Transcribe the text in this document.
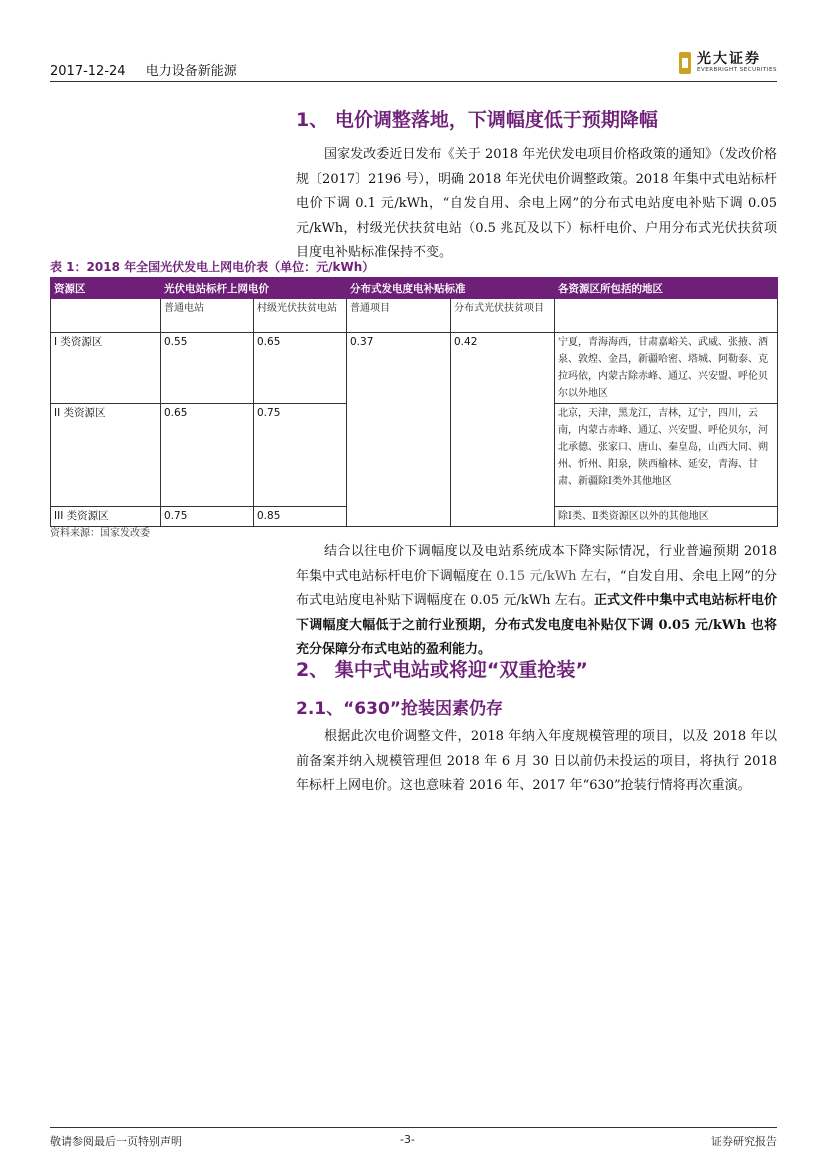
2017-12-24 电力设备新能源
光大证券
EVERBRIGHT SECURITIES
1、 电价调整落地，下调幅度低于预期降幅
国家发改委近日发布《关于 2018 年光伏发电项目价格政策的通知》（发改价格规〔2017〕2196 号），明确 2018 年光伏电价调整政策。2018 年集中式电站标杆电价下调 0.1 元/kWh，“自发自用、余电上网”的分布式电站度电补贴下调 0.05 元/kWh，村级光伏扶贫电站（0.5 兆瓦及以下）标杆电价、户用分布式光伏扶贫项目度电补贴标准保持不变。
表 1：2018 年全国光伏发电上网电价表（单位：元/kWh）
资源区	光伏电站标杆上网电价		分布式发电度电补贴标准		各资源区所包括的地区
	普通电站	村级光伏扶贫电站	普通项目	分布式光伏扶贫项目	
I 类资源区	0.55	0.65	0.37	0.42	宁夏，青海海西，甘肃嘉峪关、武威、张掖、酒泉、敦煌、金昌，新疆哈密、塔城、阿勒泰、克拉玛依，内蒙古除赤峰、通辽、兴安盟、呼伦贝尔以外地区
II 类资源区	0.65	0.75			北京，天津，黑龙江，吉林，辽宁，四川，云南，内蒙古赤峰、通辽、兴安盟、呼伦贝尔，河北承德、张家口、唐山、秦皇岛，山西大同、朔州、忻州、阳泉，陕西榆林、延安，青海、甘肃、新疆除Ⅰ类外其他地区
III 类资源区	0.75	0.85			除Ⅰ类、Ⅱ类资源区以外的其他地区
资料来源：国家发改委
结合以往电价下调幅度以及电站系统成本下降实际情况，行业普遍预期 2018 年集中式电站标杆电价下调幅度在 0.15 元/kWh 左右，“自发自用、余电上网”的分布式电站度电补贴下调幅度在 0.05 元/kWh 左右。正式文件中集中式电站标杆电价下调幅度大幅低于之前行业预期，分布式发电度电补贴仅下调 0.05 元/kWh 也将充分保障分布式电站的盈利能力。
2、 集中式电站或将迎“双重抢装”
2.1、“630”抢装因素仍存
根据此次电价调整文件，2018 年纳入年度规模管理的项目，以及 2018 年以前备案并纳入规模管理但 2018 年 6 月 30 日以前仍未投运的项目，将执行 2018 年标杆上网电价。这也意味着 2016 年、2017 年“630”抢装行情将再次重演。
敬请参阅最后一页特别声明	-3-	证券研究报告
